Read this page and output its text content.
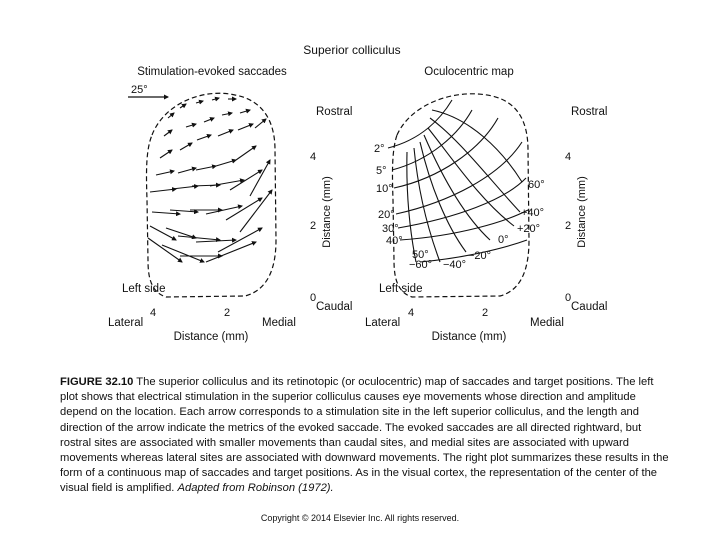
Superior colliculus
Stimulation-evoked saccades	Oculocentric map
25°
Rostral
4
2
0
Distance (mm)
Caudal
Left side
4	2
Lateral	Medial
Distance (mm)
2°
5°
10°
20°
30°
40°
50°
60°
+40°
+20°
0°
−20°
−40°
−60°
Rostral
4
2
0
Distance (mm)
Caudal
Left side
4	2
Lateral	Medial
Distance (mm)
FIGURE 32.10 The superior colliculus and its retinotopic (or oculocentric) map of saccades and target positions. The left plot shows that electrical stimulation in the superior colliculus causes eye movements whose direction and amplitude depend on the location. Each arrow corresponds to a stimulation site in the left superior colliculus, and the length and direction of the arrow indicate the metrics of the evoked saccade. The evoked saccades are all directed rightward, but rostral sites are associated with smaller movements than caudal sites, and medial sites are associated with upward movements whereas lateral sites are associated with downward movements. The right plot summarizes these results in the form of a continuous map of saccades and target positions. As in the visual cortex, the representation of the center of the visual field is amplified. Adapted from Robinson (1972).
Copyright © 2014 Elsevier Inc. All rights reserved.
